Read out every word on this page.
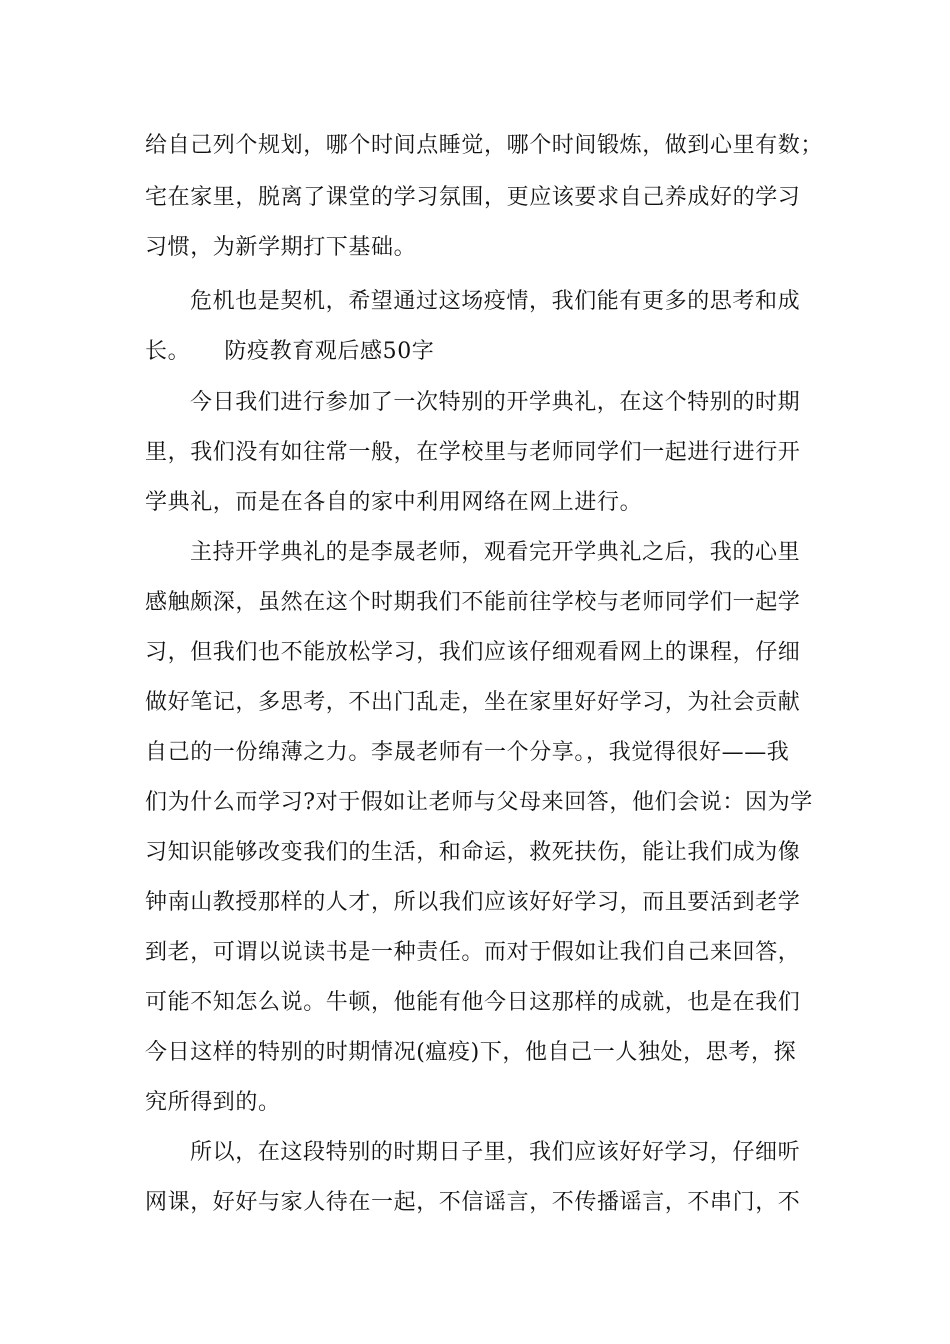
给自己列个规划，哪个时间点睡觉，哪个时间锻炼，做到心里有数；
宅在家里，脱离了课堂的学习氛围，更应该要求自己养成好的学习
习惯，为新学期打下基础。
危机也是契机，希望通过这场疫情，我们能有更多的思考和成
长。　　防疫教育观后感50字
今日我们进行参加了一次特别的开学典礼，在这个特别的时期
里，我们没有如往常一般，在学校里与老师同学们一起进行进行开
学典礼，而是在各自的家中利用网络在网上进行。
主持开学典礼的是李晟老师，观看完开学典礼之后，我的心里
感触颇深，虽然在这个时期我们不能前往学校与老师同学们一起学
习，但我们也不能放松学习，我们应该仔细观看网上的课程，仔细
做好笔记，多思考，不出门乱走，坐在家里好好学习，为社会贡献
自己的一份绵薄之力。李晟老师有一个分享。，我觉得很好——我
们为什么而学习?对于假如让老师与父母来回答，他们会说：因为学
习知识能够改变我们的生活，和命运，救死扶伤，能让我们成为像
钟南山教授那样的人才，所以我们应该好好学习，而且要活到老学
到老，可谓以说读书是一种责任。而对于假如让我们自己来回答，
可能不知怎么说。牛顿，他能有他今日这那样的成就，也是在我们
今日这样的特别的时期情况(瘟疫)下，他自己一人独处，思考，探
究所得到的。
所以，在这段特别的时期日子里，我们应该好好学习，仔细听
网课，好好与家人待在一起，不信谣言，不传播谣言，不串门，不
